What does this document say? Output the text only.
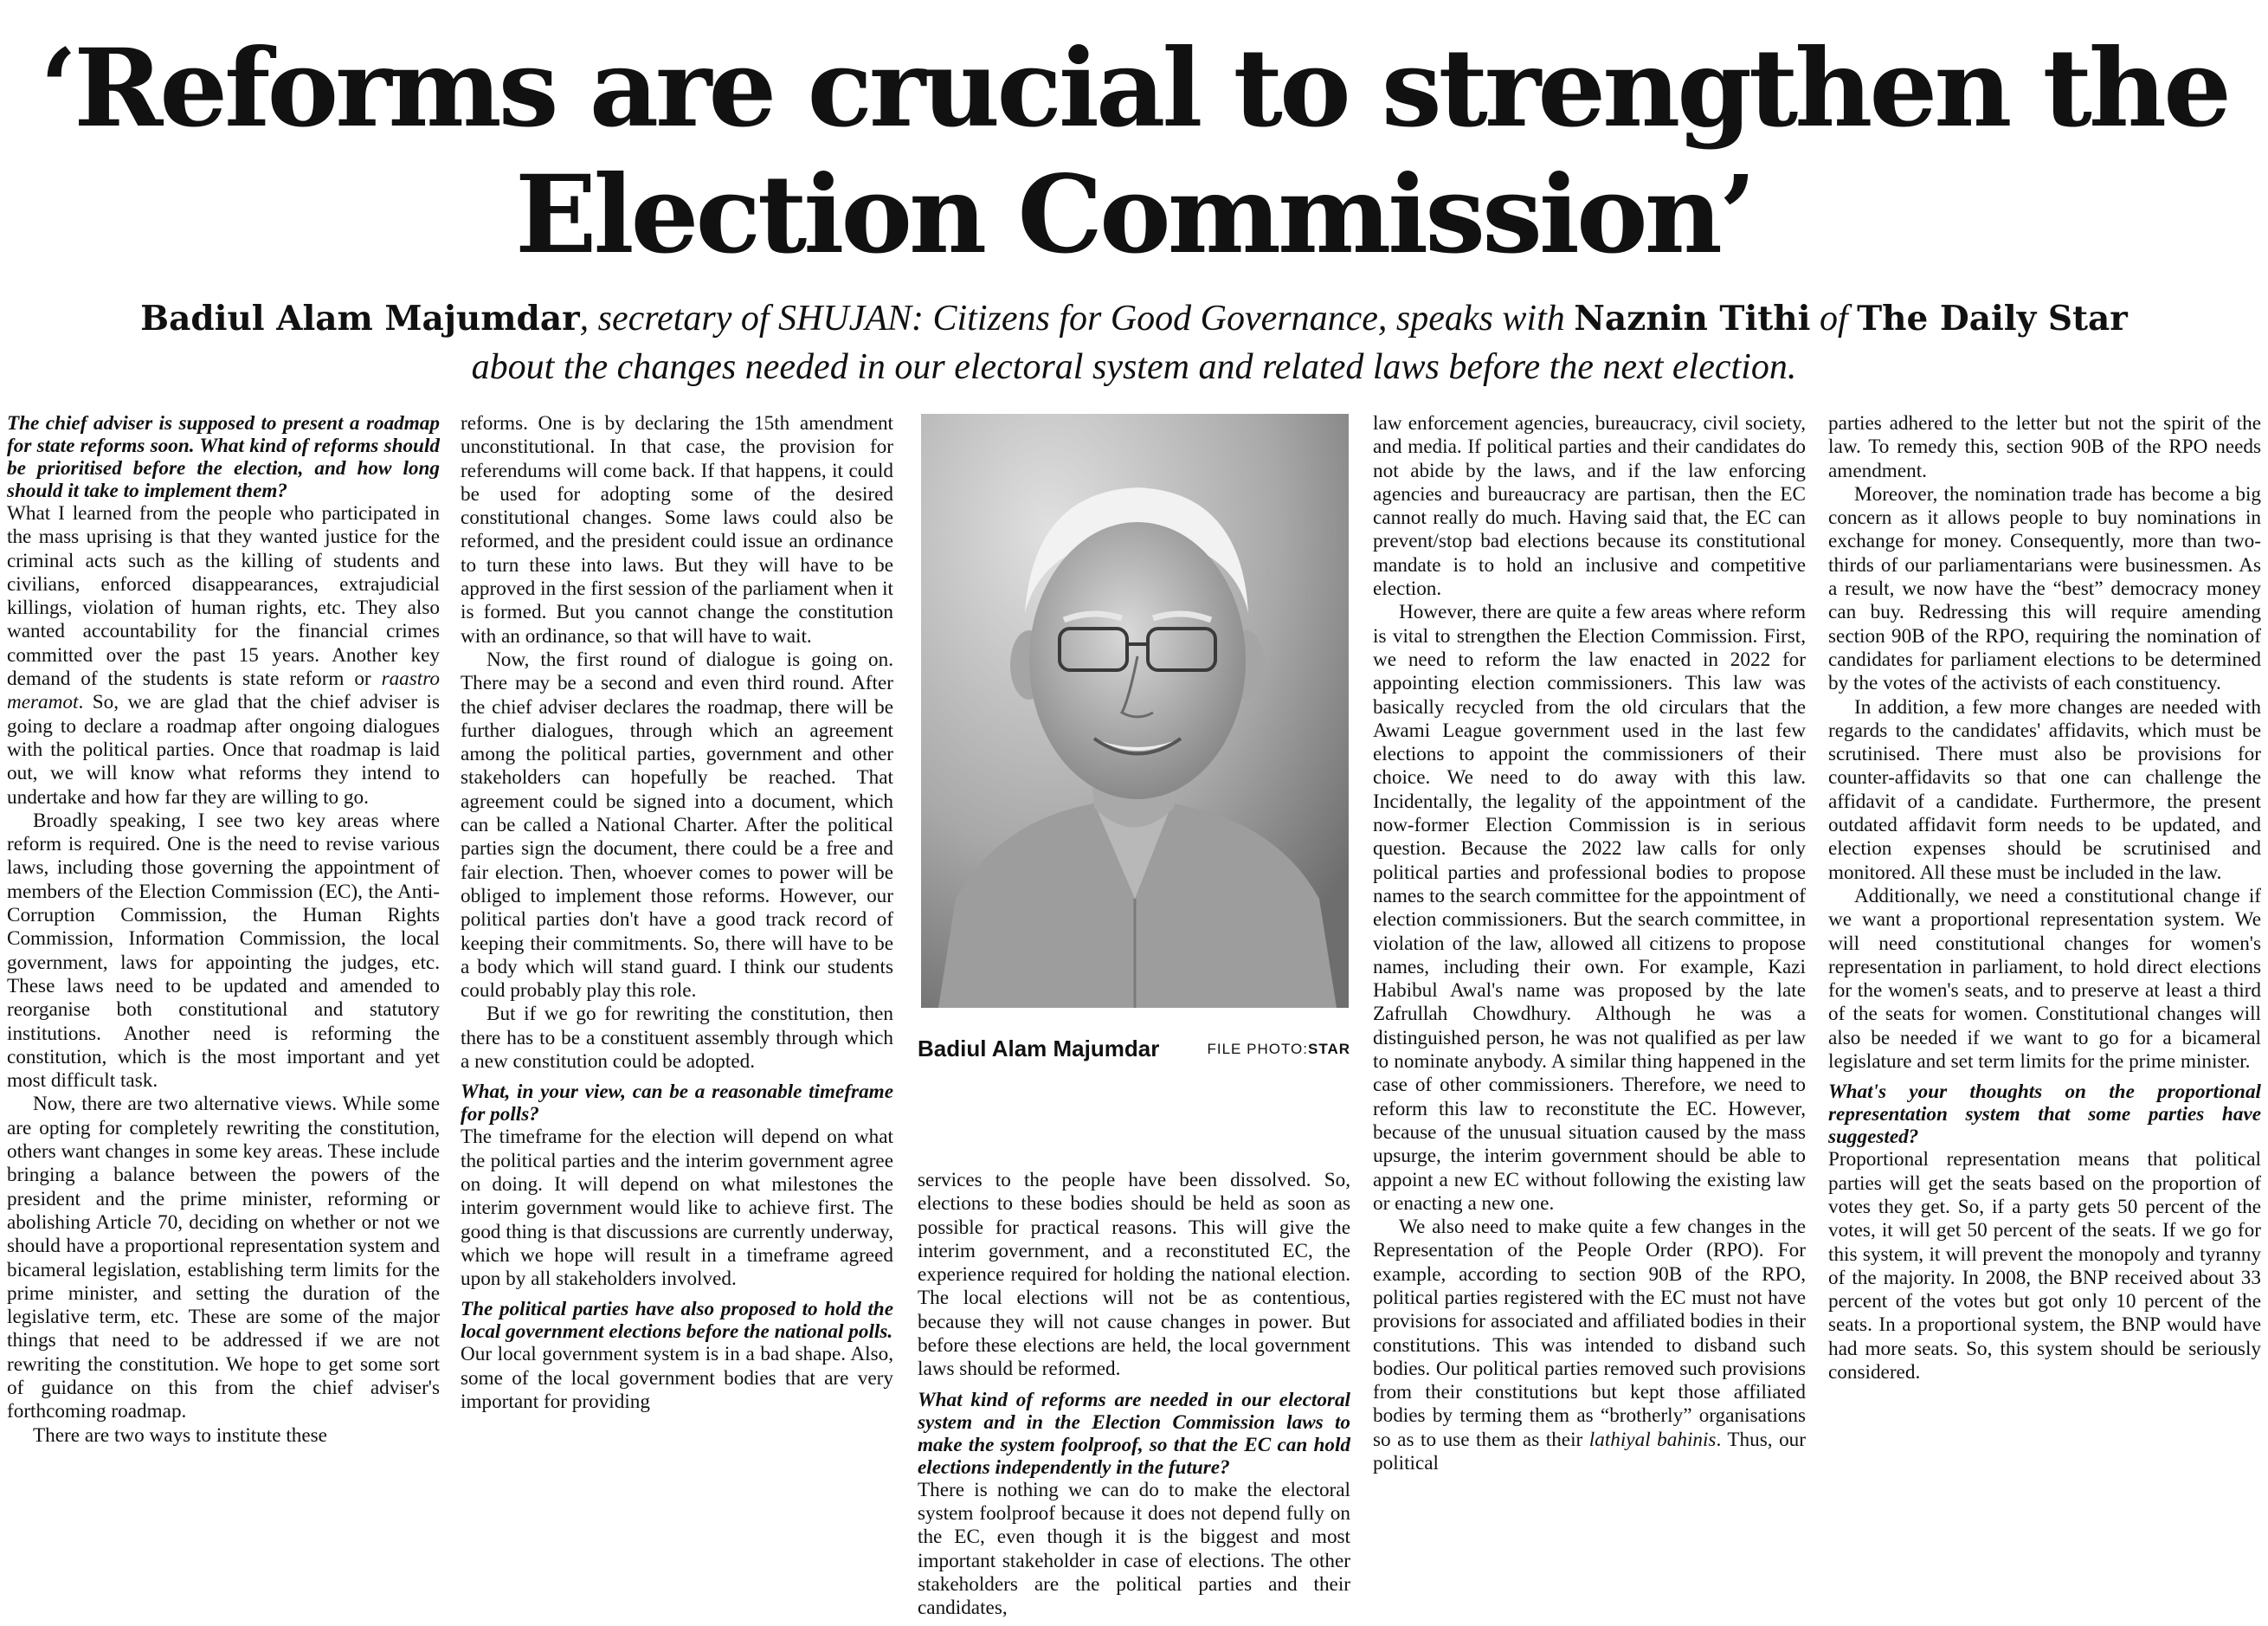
‘Reforms are crucial to strengthen the
Election Commission’

Badiul Alam Majumdar, secretary of SHUJAN: Citizens for Good Governance, speaks with Naznin Tithi of The Daily Star
about the changes needed in our electoral system and related laws before the next election.

The chief adviser is supposed to present a roadmap for state reforms soon. What kind of reforms should be prioritised before the election, and how long should it take to implement them?

What I learned from the people who participated in the mass uprising is that they wanted justice for the criminal acts such as the killing of students and civilians, enforced disappearances, extrajudicial killings, violation of human rights, etc. They also wanted accountability for the financial crimes committed over the past 15 years. Another key demand of the students is state reform or raastro meramot. So, we are glad that the chief adviser is going to declare a roadmap after ongoing dialogues with the political parties. Once that roadmap is laid out, we will know what reforms they intend to undertake and how far they are willing to go.

Broadly speaking, I see two key areas where reform is required. One is the need to revise various laws, including those governing the appointment of members of the Election Commission (EC), the Anti-Corruption Commission, the Human Rights Commission, Information Commission, the local government, laws for appointing the judges, etc. These laws need to be updated and amended to reorganise both constitutional and statutory institutions. Another need is reforming the constitution, which is the most important and yet most difficult task.

Now, there are two alternative views. While some are opting for completely rewriting the constitution, others want changes in some key areas. These include bringing a balance between the powers of the president and the prime minister, reforming or abolishing Article 70, deciding on whether or not we should have a proportional representation system and bicameral legislation, establishing term limits for the prime minister, and setting the duration of the legislative term, etc. These are some of the major things that need to be addressed if we are not rewriting the constitution. We hope to get some sort of guidance on this from the chief adviser's forthcoming roadmap.

There are two ways to institute these

reforms. One is by declaring the 15th amendment unconstitutional. In that case, the provision for referendums will come back. If that happens, it could be used for adopting some of the desired constitutional changes. Some laws could also be reformed, and the president could issue an ordinance to turn these into laws. But they will have to be approved in the first session of the parliament when it is formed. But you cannot change the constitution with an ordinance, so that will have to wait.

Now, the first round of dialogue is going on. There may be a second and even third round. After the chief adviser declares the roadmap, there will be further dialogues, through which an agreement among the political parties, government and other stakeholders can hopefully be reached. That agreement could be signed into a document, which can be called a National Charter. After the political parties sign the document, there could be a free and fair election. Then, whoever comes to power will be obliged to implement those reforms. However, our political parties don't have a good track record of keeping their commitments. So, there will have to be a body which will stand guard. I think our students could probably play this role.

But if we go for rewriting the constitution, then there has to be a constituent assembly through which a new constitution could be adopted.

What, in your view, can be a reasonable timeframe for polls?

The timeframe for the election will depend on what the political parties and the interim government agree on doing. It will depend on what milestones the interim government would like to achieve first. The good thing is that discussions are currently underway, which we hope will result in a timeframe agreed upon by all stakeholders involved.

The political parties have also proposed to hold the local government elections before the national polls.

Our local government system is in a bad shape. Also, some of the local government bodies that are very important for providing

Badiul Alam Majumdar	FILE PHOTO:STAR

services to the people have been dissolved. So, elections to these bodies should be held as soon as possible for practical reasons. This will give the interim government, and a reconstituted EC, the experience required for holding the national election. The local elections will not be as contentious, because they will not cause changes in power. But before these elections are held, the local government laws should be reformed.

What kind of reforms are needed in our electoral system and in the Election Commission laws to make the system foolproof, so that the EC can hold elections independently in the future?

There is nothing we can do to make the electoral system foolproof because it does not depend fully on the EC, even though it is the biggest and most important stakeholder in case of elections. The other stakeholders are the political parties and their candidates,

law enforcement agencies, bureaucracy, civil society, and media. If political parties and their candidates do not abide by the laws, and if the law enforcing agencies and bureaucracy are partisan, then the EC cannot really do much. Having said that, the EC can prevent/stop bad elections because its constitutional mandate is to hold an inclusive and competitive election.

However, there are quite a few areas where reform is vital to strengthen the Election Commission. First, we need to reform the law enacted in 2022 for appointing election commissioners. This law was basically recycled from the old circulars that the Awami League government used in the last few elections to appoint the commissioners of their choice. We need to do away with this law. Incidentally, the legality of the appointment of the now-former Election Commission is in serious question. Because the 2022 law calls for only political parties and professional bodies to propose names to the search committee for the appointment of election commissioners. But the search committee, in violation of the law, allowed all citizens to propose names, including their own. For example, Kazi Habibul Awal's name was proposed by the late Zafrullah Chowdhury. Although he was a distinguished person, he was not qualified as per law to nominate anybody. A similar thing happened in the case of other commissioners. Therefore, we need to reform this law to reconstitute the EC. However, because of the unusual situation caused by the mass upsurge, the interim government should be able to appoint a new EC without following the existing law or enacting a new one.

We also need to make quite a few changes in the Representation of the People Order (RPO). For example, according to section 90B of the RPO, political parties registered with the EC must not have provisions for associated and affiliated bodies in their constitutions. This was intended to disband such bodies. Our political parties removed such provisions from their constitutions but kept those affiliated bodies by terming them as “brotherly” organisations so as to use them as their lathiyal bahinis. Thus, our political

parties adhered to the letter but not the spirit of the law. To remedy this, section 90B of the RPO needs amendment.

Moreover, the nomination trade has become a big concern as it allows people to buy nominations in exchange for money. Consequently, more than two-thirds of our parliamentarians were businessmen. As a result, we now have the “best” democracy money can buy. Redressing this will require amending section 90B of the RPO, requiring the nomination of candidates for parliament elections to be determined by the votes of the activists of each constituency.

In addition, a few more changes are needed with regards to the candidates' affidavits, which must be scrutinised. There must also be provisions for counter-affidavits so that one can challenge the affidavit of a candidate. Furthermore, the present outdated affidavit form needs to be updated, and election expenses should be scrutinised and monitored. All these must be included in the law.

Additionally, we need a constitutional change if we want a proportional representation system. We will need constitutional changes for women's representation in parliament, to hold direct elections for the women's seats, and to preserve at least a third of the seats for women. Constitutional changes will also be needed if we want to go for a bicameral legislature and set term limits for the prime minister.

What's your thoughts on the proportional representation system that some parties have suggested?

Proportional representation means that political parties will get the seats based on the proportion of votes they get. So, if a party gets 50 percent of the votes, it will get 50 percent of the seats. If we go for this system, it will prevent the monopoly and tyranny of the majority. In 2008, the BNP received about 33 percent of the votes but got only 10 percent of the seats. In a proportional system, the BNP would have had more seats. So, this system should be seriously considered.
